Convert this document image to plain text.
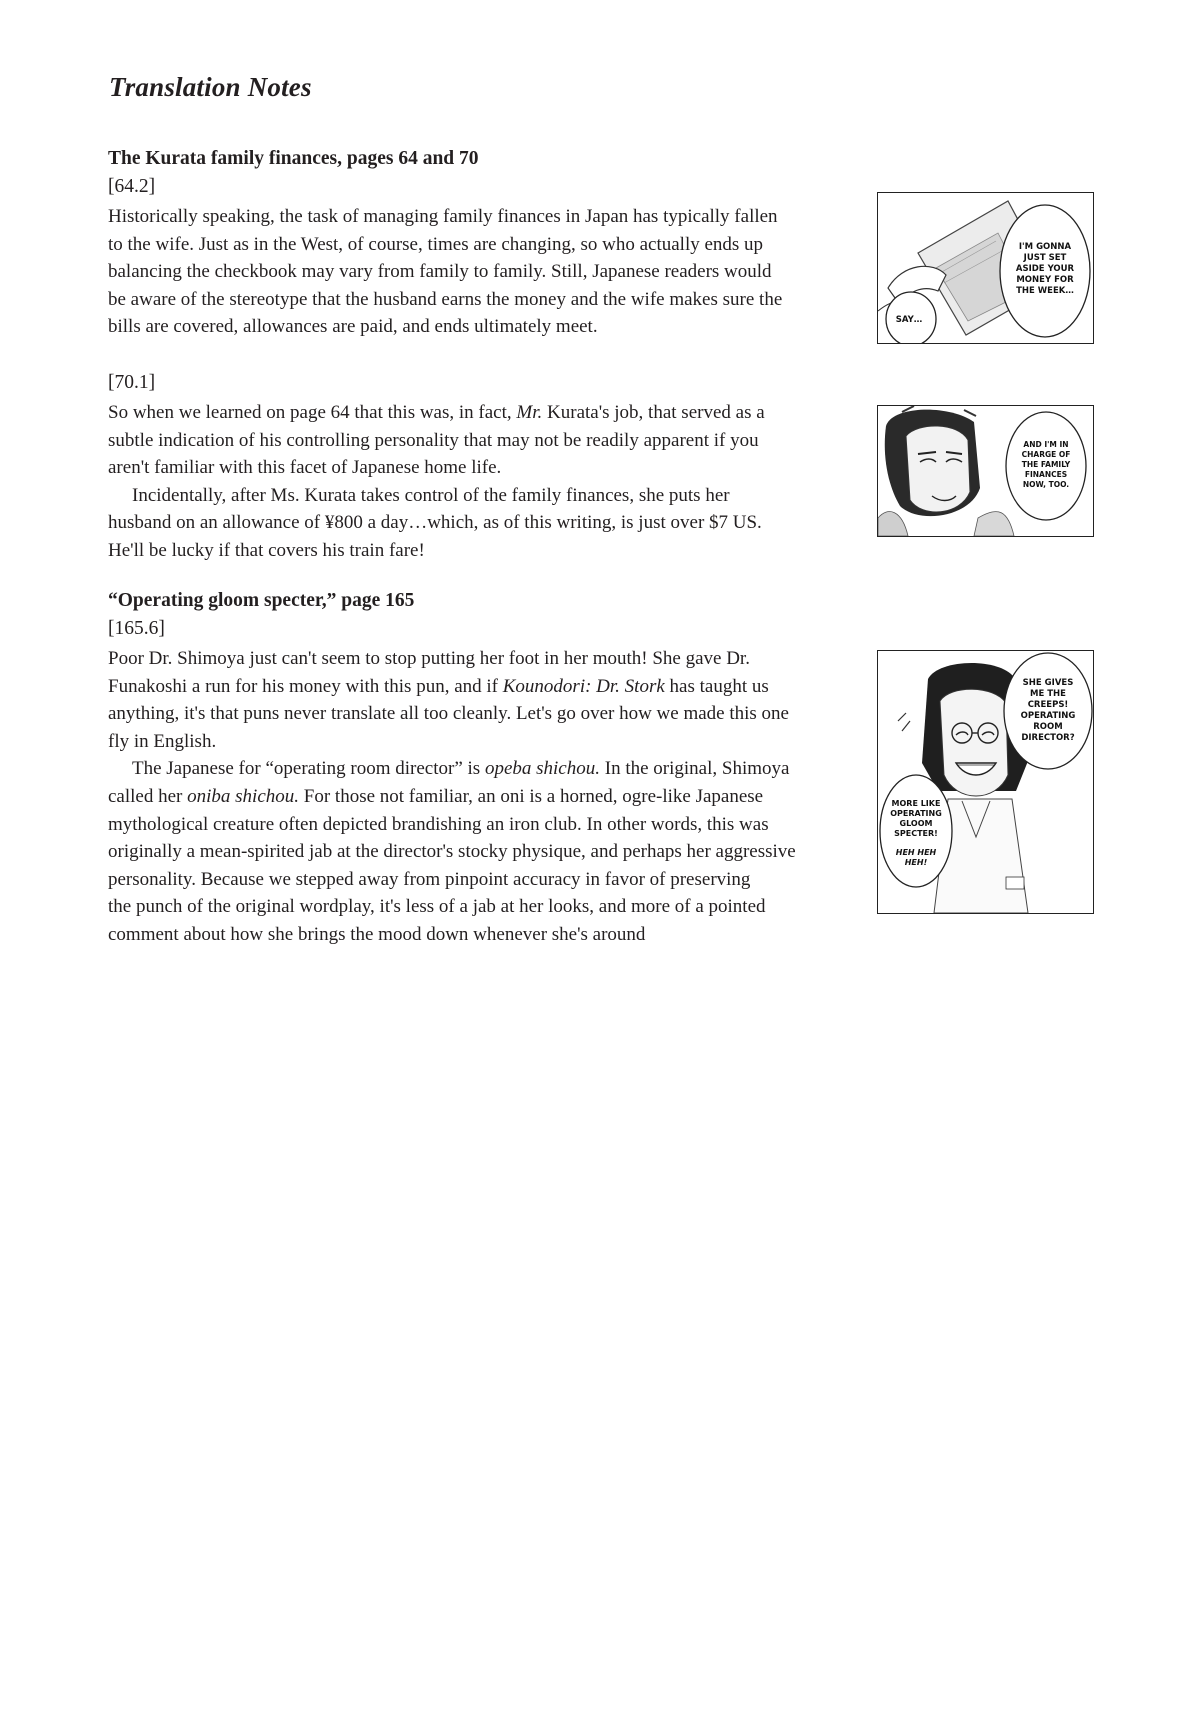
Translation Notes
The Kurata family finances, pages 64 and 70

[64.2]

Historically speaking, the task of managing family finances in Japan has typically fallen
to the wife. Just as in the West, of course, times are changing, so who actually ends up
balancing the checkbook may vary from family to family. Still, Japanese readers would
be aware of the stereotype that the husband earns the money and the wife makes sure the
bills are covered, allowances are paid, and ends ultimately meet.

[70.1]

So when we learned on page 64 that this was, in fact, Mr. Kurata's job, that served as a
subtle indication of his controlling personality that may not be readily apparent if you
aren't familiar with this facet of Japanese home life.
Incidentally, after Ms. Kurata takes control of the family finances, she puts her
husband on an allowance of ¥800 a day…which, as of this writing, is just over $7 US.
He'll be lucky if that covers his train fare!

“Operating gloom specter,” page 165

[165.6]

Poor Dr. Shimoya just can't seem to stop putting her foot in her mouth! She gave Dr.
Funakoshi a run for his money with this pun, and if Kounodori: Dr. Stork has taught us
anything, it's that puns never translate all too cleanly. Let's go over how we made this one
fly in English.
The Japanese for “operating room director” is opeba shichou. In the original, Shimoya
called her oniba shichou. For those not familiar, an oni is a horned, ogre-like Japanese
mythological creature often depicted brandishing an iron club. In other words, this was
originally a mean-spirited jab at the director's stocky physique, and perhaps her aggressive
personality. Because we stepped away from pinpoint accuracy in favor of preserving
the punch of the original wordplay, it's less of a jab at her looks, and more of a pointed
comment about how she brings the mood down whenever she's around

I'M GONNA
JUST SET
ASIDE YOUR
MONEY FOR
THE WEEK…
SAY…
AND I'M IN
CHARGE OF
THE FAMILY
FINANCES
NOW, TOO.
SHE GIVES
ME THE
CREEPS!
OPERATING
ROOM
DIRECTOR?
MORE LIKE
OPERATING
GLOOM
SPECTER!
HEH HEH
HEH!
